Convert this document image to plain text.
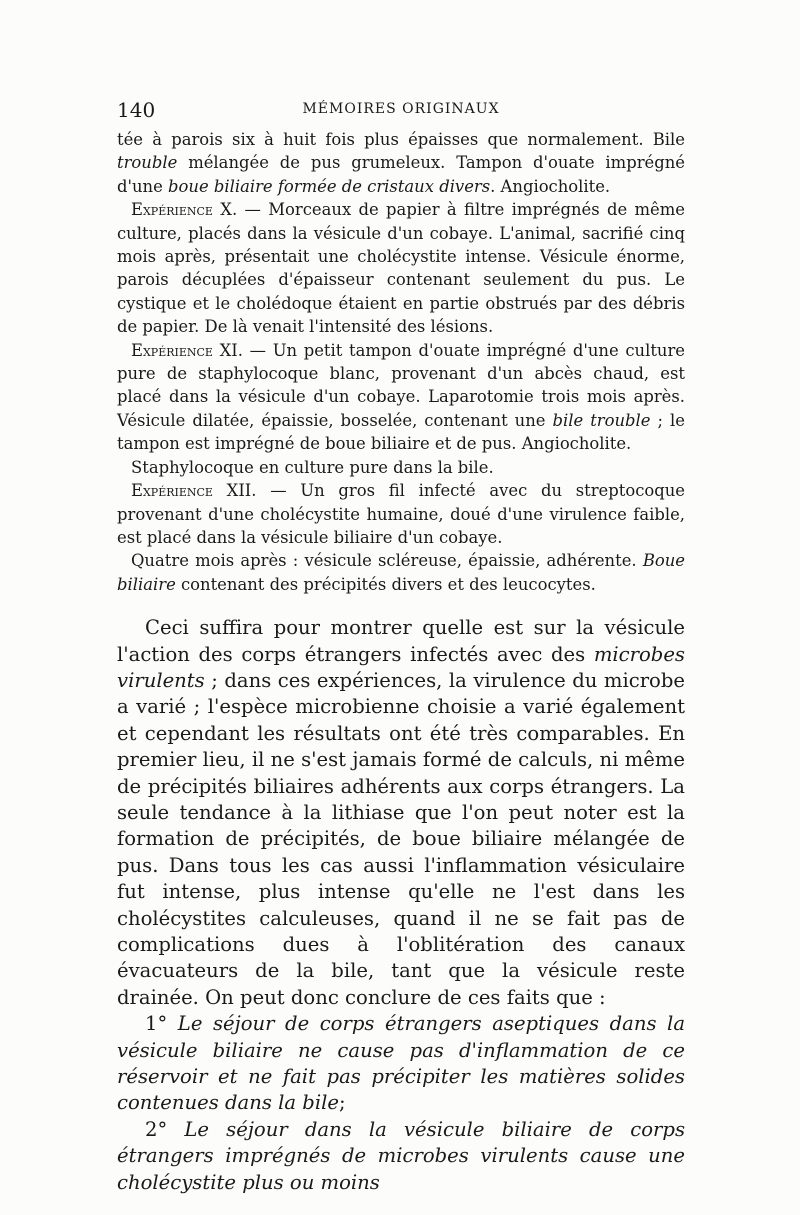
140	MÉMOIRES ORIGINAUX

tée à parois six à huit fois plus épaisses que normalement. Bile trouble mélangée de pus grumeleux. Tampon d'ouate imprégné d'une boue biliaire formée de cristaux divers. Angiocholite.

Expérience X. — Morceaux de papier à filtre imprégnés de même culture, placés dans la vésicule d'un cobaye. L'animal, sacrifié cinq mois après, présentait une cholécystite intense. Vésicule énorme, parois décuplées d'épaisseur contenant seulement du pus. Le cystique et le cholédoque étaient en partie obstrués par des débris de papier. De là venait l'intensité des lésions.

Expérience XI. — Un petit tampon d'ouate imprégné d'une culture pure de staphylocoque blanc, provenant d'un abcès chaud, est placé dans la vésicule d'un cobaye. Laparotomie trois mois après. Vésicule dilatée, épaissie, bosselée, contenant une bile trouble ; le tampon est imprégné de boue biliaire et de pus. Angiocholite.

Staphylocoque en culture pure dans la bile.

Expérience XII. — Un gros fil infecté avec du streptocoque provenant d'une cholécystite humaine, doué d'une virulence faible, est placé dans la vésicule biliaire d'un cobaye.

Quatre mois après : vésicule scléreuse, épaissie, adhérente. Boue biliaire contenant des précipités divers et des leucocytes.

Ceci suffira pour montrer quelle est sur la vésicule l'action des corps étrangers infectés avec des microbes virulents ; dans ces expériences, la virulence du microbe a varié ; l'espèce microbienne choisie a varié également et cependant les résultats ont été très comparables. En premier lieu, il ne s'est jamais formé de calculs, ni même de précipités biliaires adhérents aux corps étrangers. La seule tendance à la lithiase que l'on peut noter est la formation de précipités, de boue biliaire mélangée de pus. Dans tous les cas aussi l'inflammation vésiculaire fut intense, plus intense qu'elle ne l'est dans les cholécystites calculeuses, quand il ne se fait pas de complications dues à l'oblitération des canaux évacuateurs de la bile, tant que la vésicule reste drainée. On peut donc conclure de ces faits que :

1° Le séjour de corps étrangers aseptiques dans la vésicule biliaire ne cause pas d'inflammation de ce réservoir et ne fait pas précipiter les matières solides contenues dans la bile;

2° Le séjour dans la vésicule biliaire de corps étrangers imprégnés de microbes virulents cause une cholécystite plus ou moins
